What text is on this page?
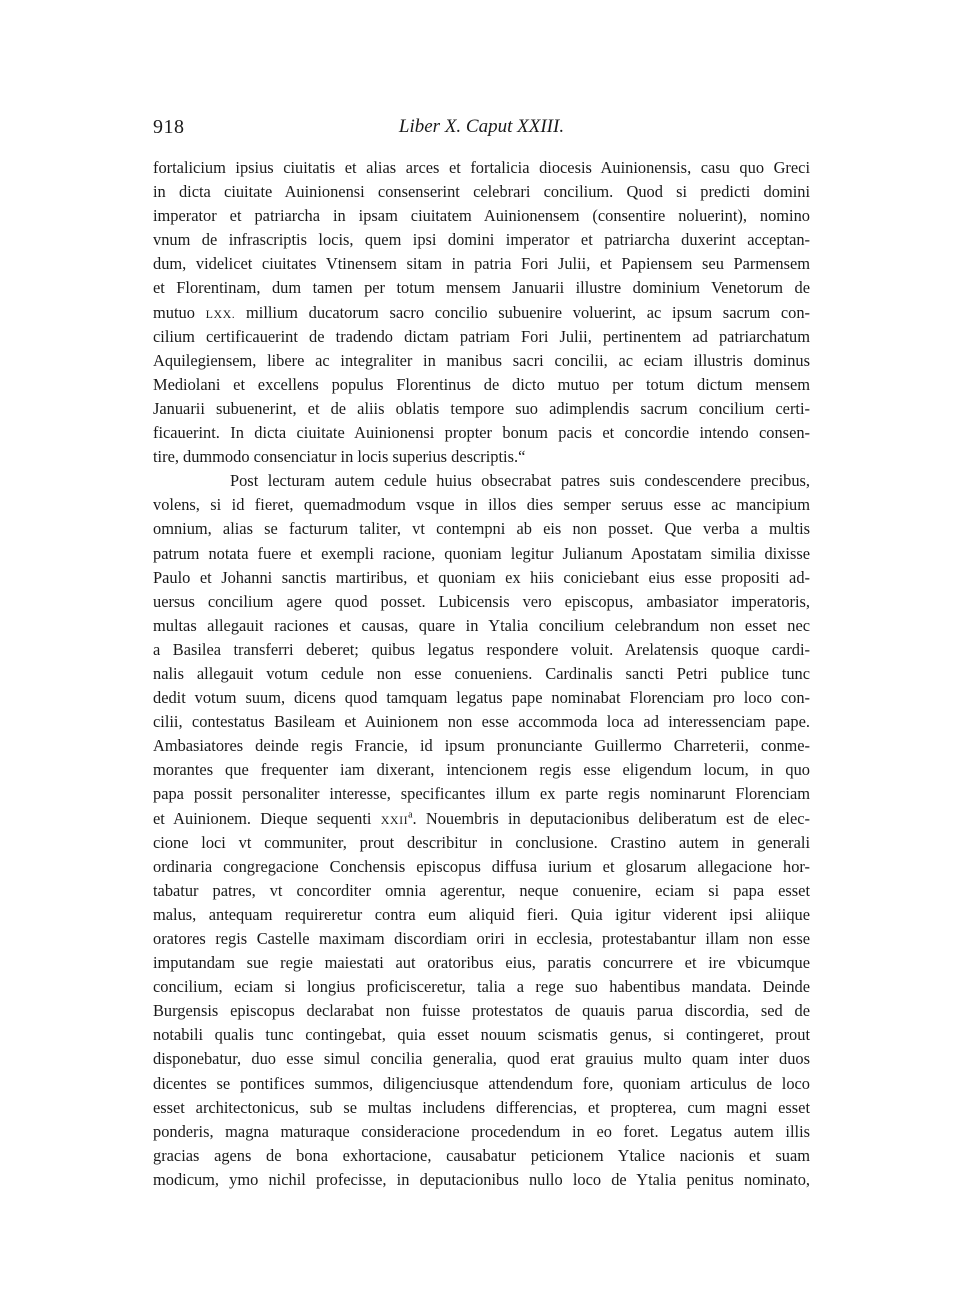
918	Liber X. Caput XXIII.
fortalicium ipsius ciuitatis et alias arces et fortalicia diocesis Auinionensis, casu quo Greci
in dicta ciuitate Auinionensi consenserint celebrari concilium. Quod si predicti domini
imperator et patriarcha in ipsam ciuitatem Auinionensem (consentire noluerint), nomino
vnum de infrascriptis locis, quem ipsi domini imperator et patriarcha duxerint acceptan-
dum, videlicet ciuitates Vtinensem sitam in patria Fori Julii, et Papiensem seu Parmensem
et Florentinam, dum tamen per totum mensem Januarii illustre dominium Venetorum de
mutuo LXX. millium ducatorum sacro concilio subuenire voluerint, ac ipsum sacrum con-
cilium certificauerint de tradendo dictam patriam Fori Julii, pertinentem ad patriarchatum
Aquilegiensem, libere ac integraliter in manibus sacri concilii, ac eciam illustris dominus
Mediolani et excellens populus Florentinus de dicto mutuo per totum dictum mensem
Januarii subuenerint, et de aliis oblatis tempore suo adimplendis sacrum concilium certi-
ficauerint. In dicta ciuitate Auinionensi propter bonum pacis et concordie intendo consen-
tire, dummodo consenciatur in locis superius descriptis.“
Post lecturam autem cedule huius obsecrabat patres suis condescendere precibus,
volens, si id fieret, quemadmodum vsque in illos dies semper seruus esse ac mancipium
omnium, alias se facturum taliter, vt contempni ab eis non posset. Que verba a multis
patrum notata fuere et exempli racione, quoniam legitur Julianum Apostatam similia dixisse
Paulo et Johanni sanctis martiribus, et quoniam ex hiis coniciebant eius esse propositi ad-
uersus concilium agere quod posset. Lubicensis vero episcopus, ambasiator imperatoris,
multas allegauit raciones et causas, quare in Ytalia concilium celebrandum non esset nec
a Basilea transferri deberet; quibus legatus respondere voluit. Arelatensis quoque cardi-
nalis allegauit votum cedule non esse conueniens. Cardinalis sancti Petri publice tunc
dedit votum suum, dicens quod tamquam legatus pape nominabat Florenciam pro loco con-
cilii, contestatus Basileam et Auinionem non esse accommoda loca ad interessenciam pape.
Ambasiatores deinde regis Francie, id ipsum pronunciante Guillermo Charreterii, conme-
morantes que frequenter iam dixerant, intencionem regis esse eligendum locum, in quo
papa possit personaliter interesse, specificantes illum ex parte regis nominarunt Florenciam
et Auinionem. Dieque sequenti XXII$^a$. Nouembris in deputacionibus deliberatum est de elec-
cione loci vt communiter, prout describitur in conclusione. Crastino autem in generali
ordinaria congregacione Conchensis episcopus diffusa iurium et glosarum allegacione hor-
tabatur patres, vt concorditer omnia agerentur, neque conuenire, eciam si papa esset
malus, antequam requireretur contra eum aliquid fieri. Quia igitur viderent ipsi aliique
oratores regis Castelle maximam discordiam oriri in ecclesia, protestabantur illam non esse
imputandam sue regie maiestati aut oratoribus eius, paratis concurrere et ire vbicumque
concilium, eciam si longius proficisceretur, talia a rege suo habentibus mandata. Deinde
Burgensis episcopus declarabat non fuisse protestatos de quauis parua discordia, sed de
notabili qualis tunc contingebat, quia esset nouum scismatis genus, si contingeret, prout
disponebatur, duo esse simul concilia generalia, quod erat grauius multo quam inter duos
dicentes se pontifices summos, diligenciusque attendendum fore, quoniam articulus de loco
esset architectonicus, sub se multas includens differencias, et propterea, cum magni esset
ponderis, magna maturaque consideracione procedendum in eo foret. Legatus autem illis
gracias agens de bona exhortacione, causabatur peticionem Ytalice nacionis et suam
modicum, ymo nichil profecisse, in deputacionibus nullo loco de Ytalia penitus nominato,
